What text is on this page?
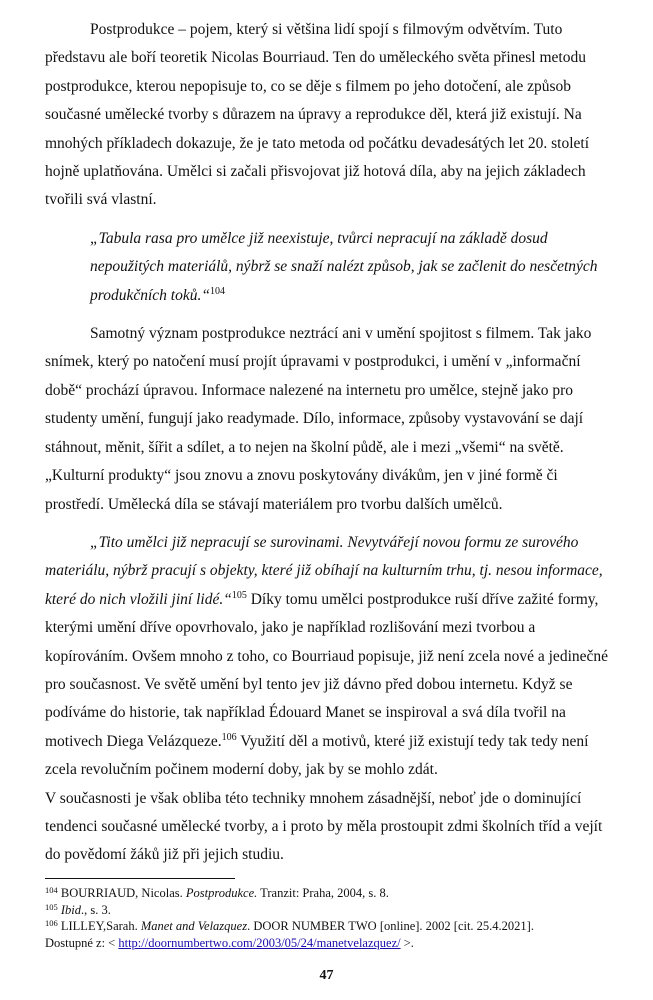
Postprodukce – pojem, který si většina lidí spojí s filmovým odvětvím. Tuto představu ale boří teoretik Nicolas Bourriaud. Ten do uměleckého světa přinesl metodu postprodukce, kterou nepopisuje to, co se děje s filmem po jeho dotočení, ale způsob současné umělecké tvorby s důrazem na úpravy a reprodukce děl, která již existují. Na mnohých příkladech dokazuje, že je tato metoda od počátku devadesátých let 20. století hojně uplatňována. Umělci si začali přisvojovat již hotová díla, aby na jejich základech tvořili svá vlastní.

„Tabula rasa pro umělce již neexistuje, tvůrci nepracují na základě dosud nepoužitých materiálů, nýbrž se snaží nalézt způsob, jak se začlenit do nesčetných produkčních toků.“$^{104}$

Samotný význam postprodukce neztrácí ani v umění spojitost s filmem. Tak jako snímek, který po natočení musí projít úpravami v postprodukci, i umění v „informační době“ prochází úpravou. Informace nalezené na internetu pro umělce, stejně jako pro studenty umění, fungují jako readymade. Dílo, informace, způsoby vystavování se dají stáhnout, měnit, šířit a sdílet, a to nejen na školní půdě, ale i mezi „všemi“ na světě. „Kulturní produkty“ jsou znovu a znovu poskytovány divákům, jen v jiné formě či prostředí. Umělecká díla se stávají materiálem pro tvorbu dalších umělců.

„Tito umělci již nepracují se surovinami. Nevytvářejí novou formu ze surového materiálu, nýbrž pracují s objekty, které již obíhají na kulturním trhu, tj. nesou informace, které do nich vložili jiní lidé.“$^{105}$ Díky tomu umělci postprodukce ruší dříve zažité formy, kterými umění dříve opovrhovalo, jako je například rozlišování mezi tvorbou a kopírováním. Ovšem mnoho z toho, co Bourriaud popisuje, již není zcela nové a jedinečné pro současnost. Ve světě umění byl tento jev již dávno před dobou internetu. Když se podíváme do historie, tak například Édouard Manet se inspiroval a svá díla tvořil na motivech Diega Velázqueze.$^{106}$ Využití děl a motivů, které již existují tedy tak tedy není zcela revolučním počinem moderní doby, jak by se mohlo zdát.

V současnosti je však obliba této techniky mnohem zásadnější, neboť jde o dominující tendenci současné umělecké tvorby, a i proto by měla prostoupit zdmi školních tříd a vejít do povědomí žáků již při jejich studiu.

$^{104}$ BOURRIAUD, Nicolas. Postprodukce. Tranzit: Praha, 2004, s. 8.

$^{105}$ Ibid., s. 3.

$^{106}$ LILLEY,Sarah. Manet and Velazquez. DOOR NUMBER TWO [online]. 2002 [cit. 25.4.2021].
Dostupné z: < http://doornumbertwo.com/2003/05/24/manetvelazquez/ >.

47
